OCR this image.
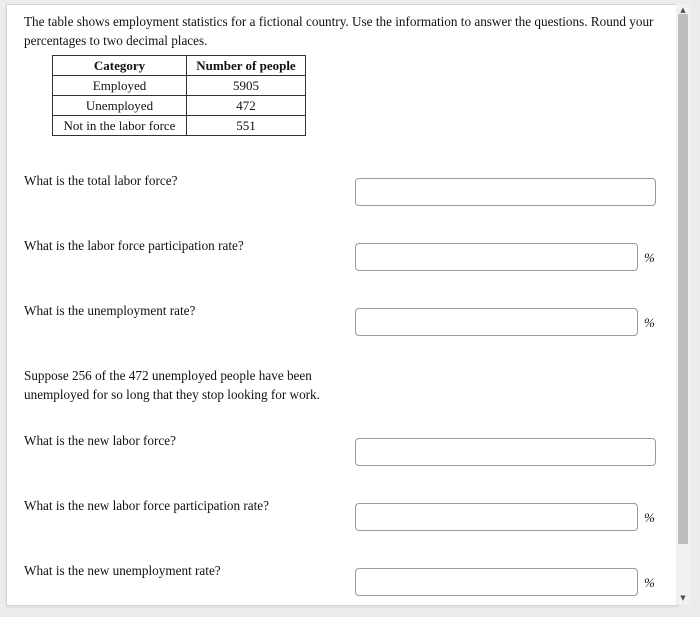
The table shows employment statistics for a fictional country. Use the information to answer the questions. Round your percentages to two decimal places.

Category	Number of people
Employed	5905
Unemployed	472
Not in the labor force	551

What is the total labor force?

What is the labor force participation rate?

%

What is the unemployment rate?

%

Suppose 256 of the 472 unemployed people have been unemployed for so long that they stop looking for work.

What is the new labor force?

What is the new labor force participation rate?

%

What is the new unemployment rate?

%
▲
▼
